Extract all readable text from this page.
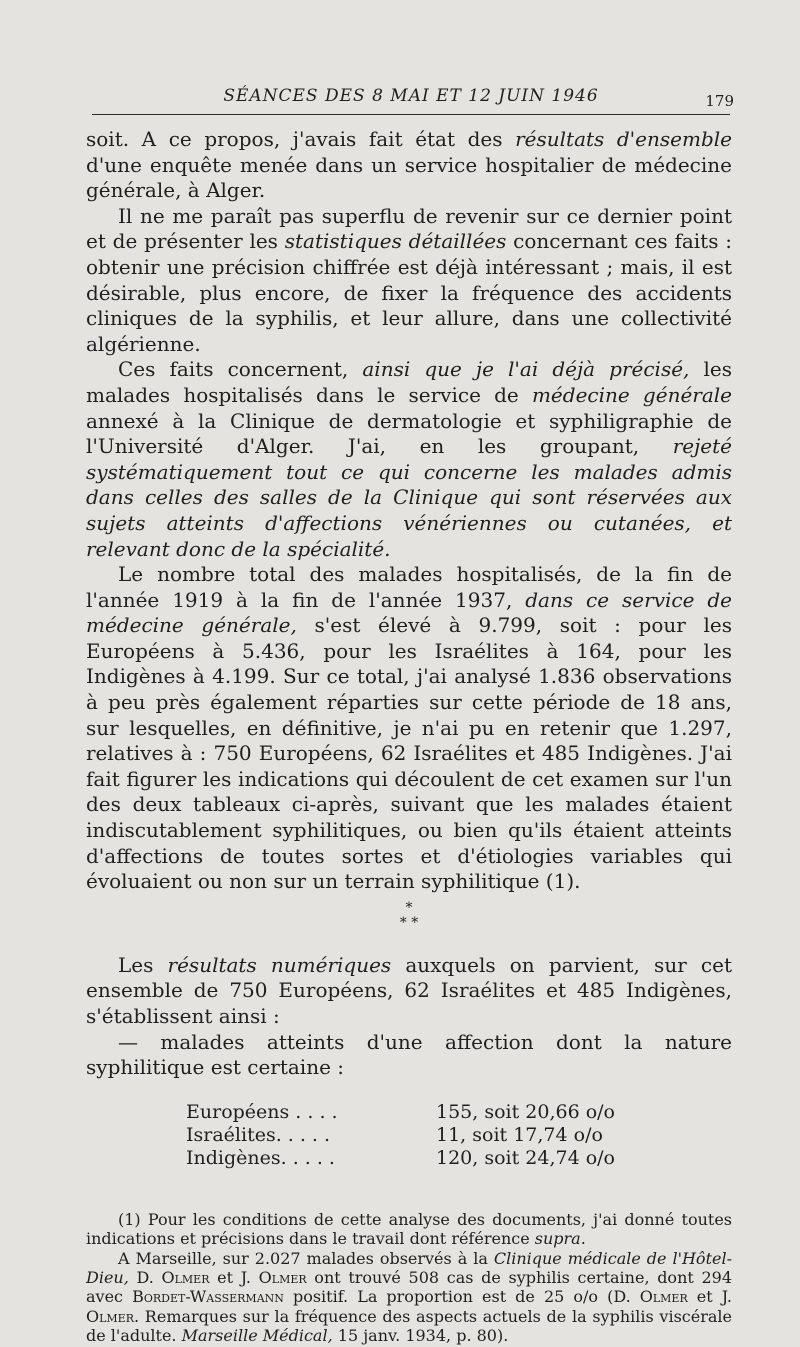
SÉANCES DES 8 MAI ET 12 JUIN 1946	179

soit. A ce propos, j'avais fait état des résultats d'ensemble d'une enquête menée dans un service hospitalier de médecine générale, à Alger.

Il ne me paraît pas superflu de revenir sur ce dernier point et de présenter les statistiques détaillées concernant ces faits : obtenir une précision chiffrée est déjà intéressant ; mais, il est désirable, plus encore, de fixer la fréquence des accidents cliniques de la syphilis, et leur allure, dans une collectivité algérienne.

Ces faits concernent, ainsi que je l'ai déjà précisé, les malades hospitalisés dans le service de médecine générale annexé à la Clinique de dermatologie et syphiligraphie de l'Université d'Alger. J'ai, en les groupant, rejeté systématiquement tout ce qui concerne les malades admis dans celles des salles de la Clinique qui sont réservées aux sujets atteints d'affections vénériennes ou cutanées, et relevant donc de la spécialité.

Le nombre total des malades hospitalisés, de la fin de l'année 1919 à la fin de l'année 1937, dans ce service de médecine générale, s'est élevé à 9.799, soit : pour les Européens à 5.436, pour les Israélites à 164, pour les Indigènes à 4.199. Sur ce total, j'ai analysé 1.836 observations à peu près également réparties sur cette période de 18 ans, sur lesquelles, en définitive, je n'ai pu en retenir que 1.297, relatives à : 750 Européens, 62 Israélites et 485 Indigènes. J'ai fait figurer les indications qui découlent de cet examen sur l'un des deux tableaux ci-après, suivant que les malades étaient indiscutablement syphilitiques, ou bien qu'ils étaient atteints d'affections de toutes sortes et d'étiologies variables qui évoluaient ou non sur un terrain syphilitique (1).

*
* *

Les résultats numériques auxquels on parvient, sur cet ensemble de 750 Européens, 62 Israélites et 485 Indigènes, s'établissent ainsi :

— malades atteints d'une affection dont la nature syphilitique est certaine :

Européens . . . .	155, soit 20,66 o/o
Israélites. . . . .	11, soit 17,74 o/o
Indigènes. . . . .	120, soit 24,74 o/o

(1) Pour les conditions de cette analyse des documents, j'ai donné toutes indications et précisions dans le travail dont référence supra.

A Marseille, sur 2.027 malades observés à la Clinique médicale de l'Hôtel-Dieu, D. Olmer et J. Olmer ont trouvé 508 cas de syphilis certaine, dont 294 avec Bordet-Wassermann positif. La proportion est de 25 o/o (D. Olmer et J. Olmer. Remarques sur la fréquence des aspects actuels de la syphilis viscérale de l'adulte. Marseille Médical, 15 janv. 1934, p. 80).
